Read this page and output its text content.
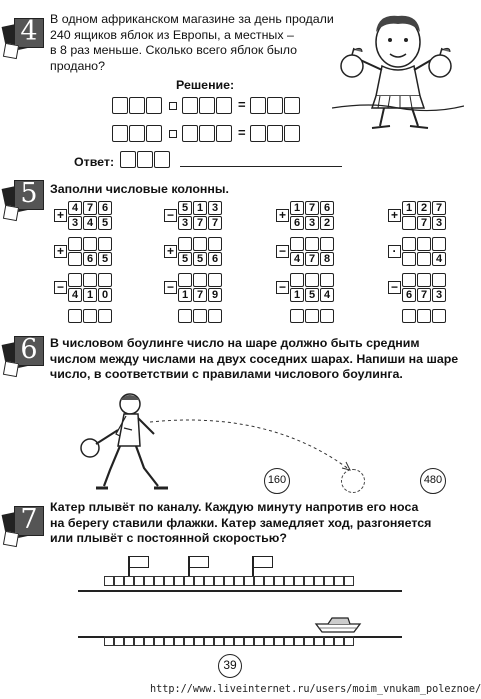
4	В одном африканском магазине за день продали
240 ящиков яблок из Европы, а местных –
в 8 раз меньше. Сколько всего яблок было
продано?
Решение:
=
=
Ответ:
5	Заполни числовые колонны.
4 7 6
3 4 5
6 5
4 1 0
+
+
−
5 1 3
3 7 7
5 5 6
1 7 9
−
+
−
1 7 6
6 3 2
4 7 8
1 5 4
+
−
−
1 2 7
7 3
4
6 7 3
+
·
−
6	В числовом боулинге число на шаре должно быть средним
числом между числами на двух соседних шарах. Напиши на шаре
число, в соответствии с правилами числового боулинга.
160	480
7	Катер плывёт по каналу. Каждую минуту напротив его носа
на берегу ставили флажки. Катер замедляет ход, разгоняется
или плывёт с постоянной скоростью?
39
http://www.liveinternet.ru/users/moim_vnukam_poleznoe/
